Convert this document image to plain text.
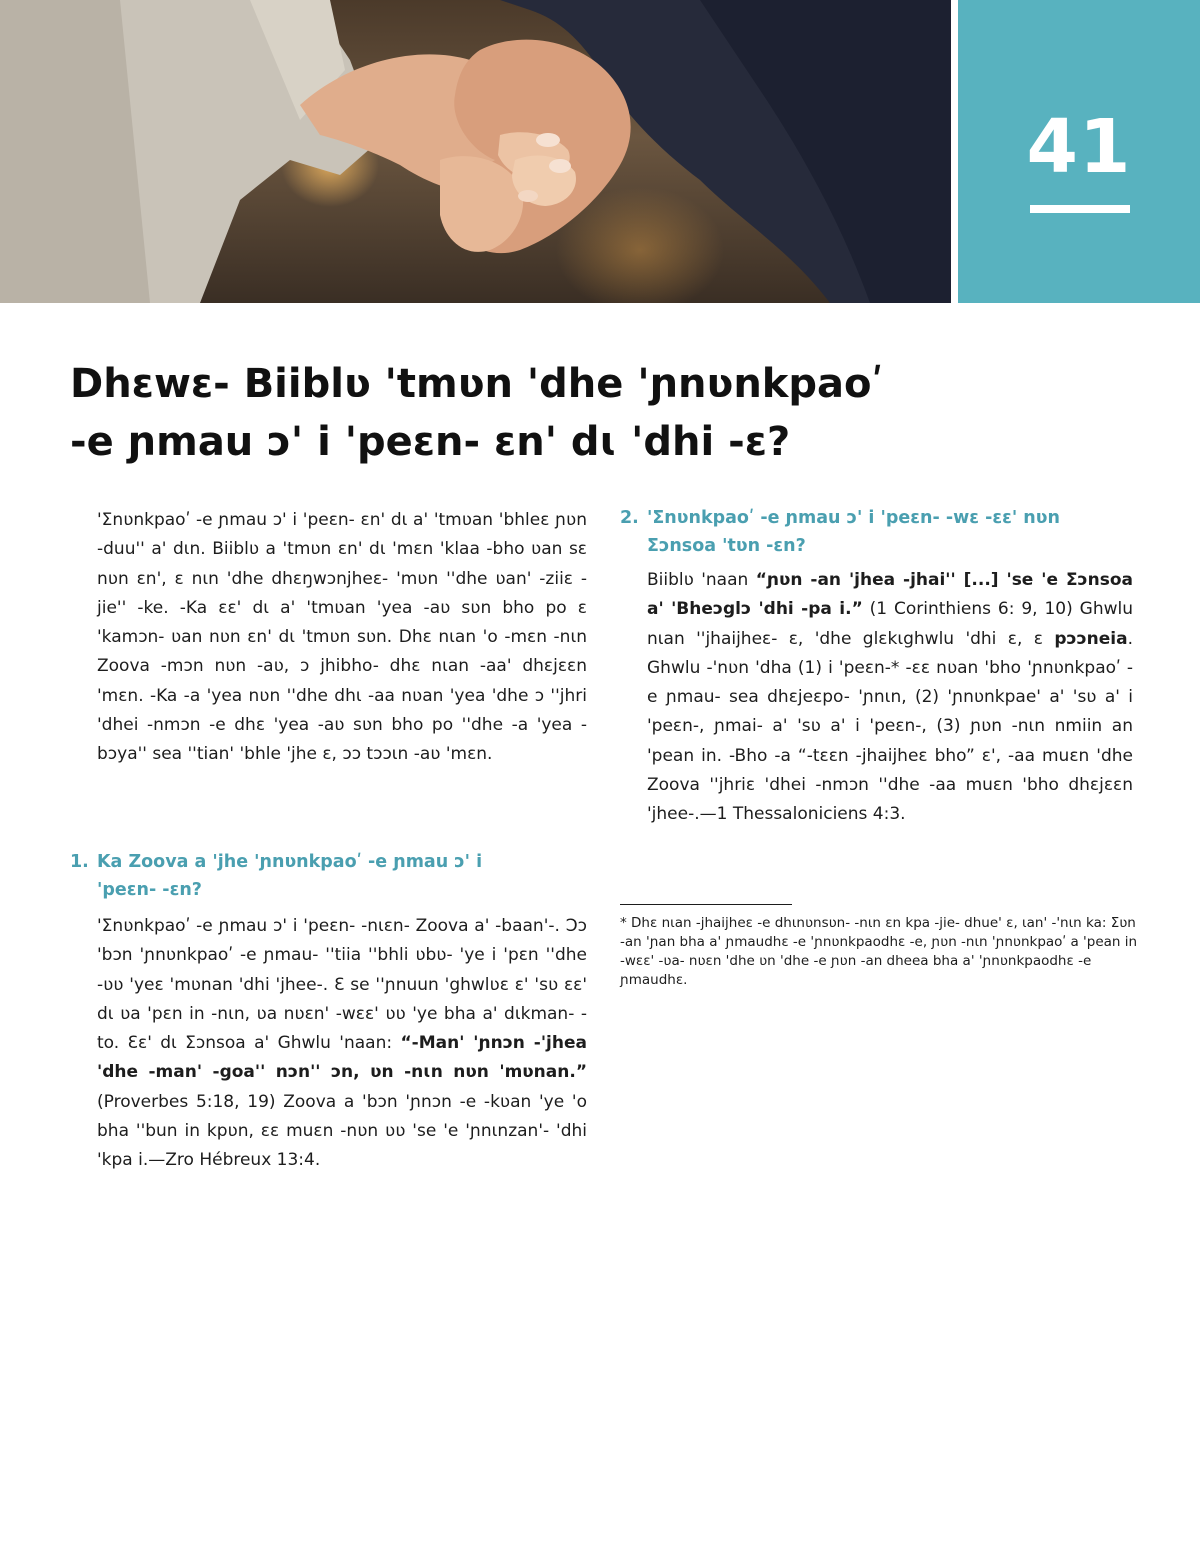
41
Dhɛwɛ- Biiblʋ 'tmʋn 'dhe 'ɲnʋnkpaoʹ
-e ɲmau ɔ' i 'peɛn- ɛn' dɩ 'dhi -ɛ?

'Ʃnʋnkpaoʹ -e ɲmau ɔ' i 'peɛn- ɛn' dɩ a' 'tmʋan 'bhleɛ ɲʋn -duu'' a' dɩn. Biiblʋ a 'tmʋn ɛn' dɩ 'mɛn 'klaa -bho ʋan sɛ nʋn ɛn', ɛ nɩn 'dhe dhɛŋwɔnjheɛ- 'mʋn ''dhe ʋan' -ziiɛ -jie'' -ke. -Ka ɛɛ' dɩ a' 'tmʋan 'yea -aʋ sʋn bho po ɛ 'kamɔn- ʋan nʋn ɛn' dɩ 'tmʋn sʋn. Dhɛ nɩan 'o -mɛn -nɩn Zoova -mɔn nʋn -aʋ, ɔ jhibho- dhɛ nɩan -aa' dhɛjɛɛn 'mɛn. -Ka -a 'yea nʋn ''dhe dhɩ -aa nʋan 'yea 'dhe ɔ ''jhri 'dhei -nmɔn -e dhɛ 'yea -aʋ sʋn bho po ''dhe -a 'yea -bɔya'' sea ''tian' 'bhle 'jhe ɛ, ɔɔ tɔɔɩn -aʋ 'mɛn.

1. Ka Zoova a 'jhe 'ɲnʋnkpaoʹ -e ɲmau ɔ' i
'peɛn- -ɛn?

'Ʃnʋnkpaoʹ -e ɲmau ɔ' i 'peɛn- -nɩɛn- Zoova a' -baan'-. Ɔɔ 'bɔn 'ɲnʋnkpaoʹ -e ɲmau- ''tiia ''bhli ʋbʋ- 'ye i 'pɛn ''dhe -ʋʋ 'yeɛ 'mʋnan 'dhi 'jhee-. Ɛ se ''ɲnuun 'ghwlʋɛ ɛ' 'sʋ ɛɛ' dɩ ʋa 'pɛn in -nɩn, ʋa nʋɛn' -wɛɛ' ʋʋ 'ye bha a' dɩkman- -to. Ɛɛ' dɩ Ʃɔnsoa a' Ghwlu 'naan: “-Man' 'ɲnɔn -'jhea 'dhe -man' -goa'' nɔn'' ɔn, ʋn -nɩn nʋn 'mʋnan.” (Proverbes 5:18, 19) Zoova a 'bɔn 'ɲnɔn -e -kʋan 'ye 'o bha ''bun in kpʋn, ɛɛ muɛn -nʋn ʋʋ 'se 'e 'ɲnɩnzan'- 'dhi 'kpa i.—Zro Hébreux 13:4.

2. 'Ʃnʋnkpaoʹ -e ɲmau ɔ' i 'peɛn- -wɛ -ɛɛ' nʋn
Ʃɔnsoa 'tʋn -ɛn?

Biiblʋ 'naan “ɲʋn -an 'jhea -jhai'' [...] 'se 'e Ʃɔnsoa a' 'Bheɔglɔ 'dhi -pa i.” (1 Corinthiens 6: 9, 10) Ghwlu nɩan ''jhaijheɛ- ɛ, 'dhe glɛkɩghwlu 'dhi ɛ, ɛ pɔɔneia. Ghwlu -'nʋn 'dha (1) i 'peɛn-* -ɛɛ nʋan 'bho 'ɲnʋnkpaoʹ -e ɲmau- sea dhɛjeɛpo- 'ɲnɩn, (2) 'ɲnʋnkpae' a' 'sʋ a' i 'peɛn-, ɲmai- a' 'sʋ a' i 'peɛn-, (3) ɲʋn -nɩn nmiin an 'pean in. -Bho -a “-tɛɛn -jhaijheɛ bho” ɛ', -aa muɛn 'dhe Zoova ''jhriɛ 'dhei -nmɔn ''dhe -aa muɛn 'bho dhɛjɛɛn 'jhee-.—1 Thessaloniciens 4:3.

* Dhɛ nɩan -jhaijheɛ -e dhɩnʋnsʋn- -nɩn ɛn kpa -jie- dhue' ɛ, ɩan' -'nɩn ka: Ʃʋn -an 'ɲan bha a' ɲmaudhɛ -e 'ɲnʋnkpaodhɛ -e, ɲʋn -nɩn 'ɲnʋnkpaoʹ a 'pean in -wɛɛ' -ʋa- nʋɛn 'dhe ʋn 'dhe -e ɲʋn -an dheea bha a' 'ɲnʋnkpaodhɛ -e ɲmaudhɛ.
